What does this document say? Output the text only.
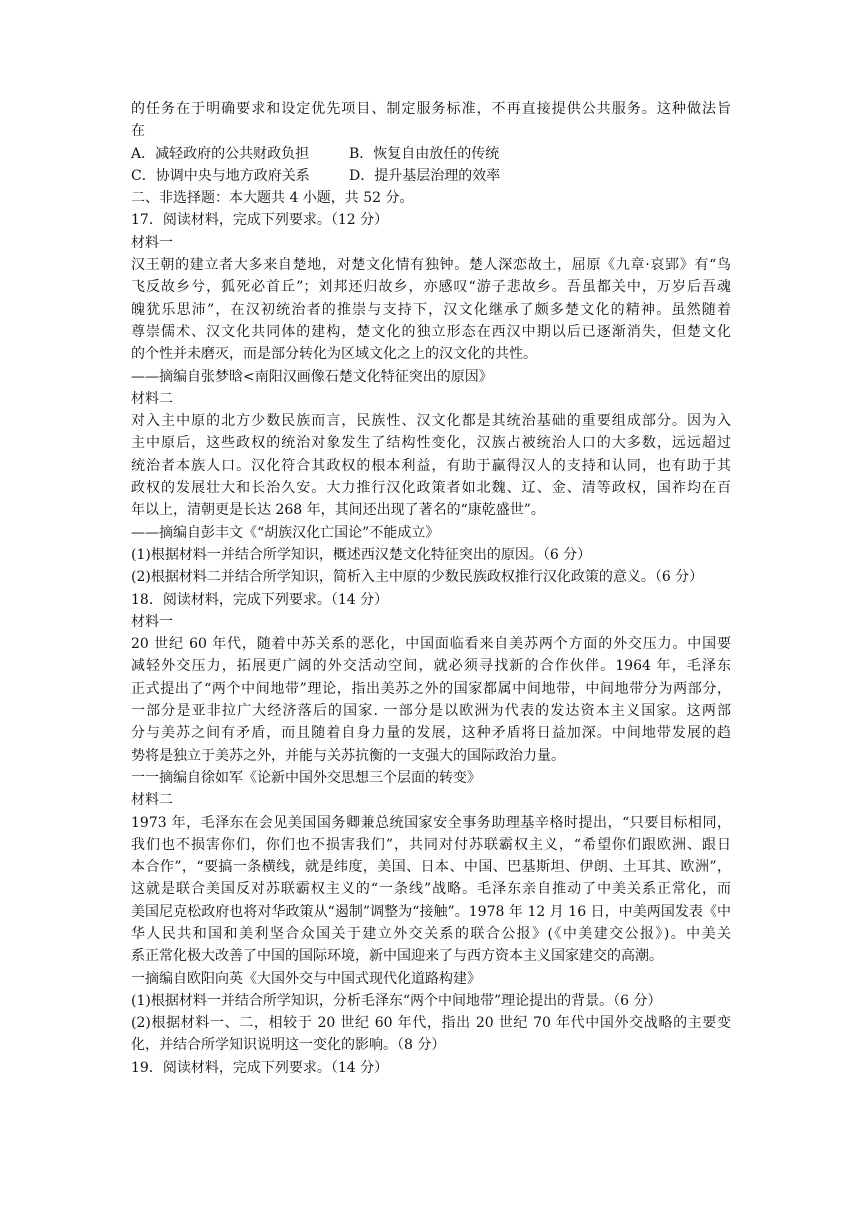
的任务在于明确要求和设定优先项目、制定服务标准，不再直接提供公共服务。这种做法旨
在
A．减轻政府的公共财政负担	B．恢复自由放任的传统
C．协调中央与地方政府关系	D．提升基层治理的效率
二、非选择题：本大题共 4 小题，共 52 分。
17．阅读材料，完成下列要求。（12 分）
材料一
汉王朝的建立者大多来自楚地，对楚文化情有独钟。楚人深恋故土，屈原《九章·哀郢》有“鸟
飞反故乡兮，狐死必首丘”；刘邦还归故乡，亦感叹“游子悲故乡。吾虽都关中，万岁后吾魂
魄犹乐思沛”，在汉初统治者的推崇与支持下，汉文化继承了颇多楚文化的精神。虽然随着
尊崇儒术、汉文化共同体的建构，楚文化的独立形态在西汉中期以后已逐渐消失，但楚文化
的个性并未磨灭，而是部分转化为区域文化之上的汉文化的共性。
——摘编自张梦晗<南阳汉画像石楚文化特征突出的原因》
材料二
对入主中原的北方少数民族而言，民族性、汉文化都是其统治基础的重要组成部分。因为入
主中原后，这些政权的统治对象发生了结构性变化，汉族占被统治人口的大多数，远远超过
统治者本族人口。汉化符合其政权的根本利益，有助于赢得汉人的支持和认同，也有助于其
政权的发展壮大和长治久安。大力推行汉化政策者如北魏、辽、金、清等政权，国祚均在百
年以上，清朝更是长达 268 年，其间还出现了著名的“康乾盛世”。
——摘编自彭丰文《“胡族汉化亡国论”不能成立》
(1)根据材料一并结合所学知识，概述西汉楚文化特征突出的原因。（6 分）
(2)根据材料二并结合所学知识，简析入主中原的少数民族政权推行汉化政策的意义。（6 分）
18．阅读材料，完成下列要求。（14 分）
材料一
20 世纪 60 年代，随着中苏关系的恶化，中国面临看来自美苏两个方面的外交压力。中国要
减轻外交压力，拓展更广阔的外交活动空间，就必须寻找新的合作伙伴。1964 年，毛泽东
正式提出了“两个中间地带”理论，指出美苏之外的国家都属中间地带，中间地带分为两部分，
一部分是亚非拉广大经济落后的国家. 一部分是以欧洲为代表的发达资本主义国家。这两部
分与美苏之间有矛盾，而且随着自身力量的发展，这种矛盾将日益加深。中间地带发展的趋
势将是独立于美苏之外，并能与关苏抗衡的一支强大的国际政治力量。
一一摘编自徐如军《论新中国外交思想三个层面的转变》
材料二
1973 年，毛泽东在会见美国国务卿兼总统国家安全事务助理基辛格时提出，“只要目标相同，
我们也不损害你们，你们也不损害我们”，共同对付苏联霸权主义，“希望你们跟欧洲、跟日
本合作”，“要搞一条横线，就是纬度，美国、日本、中国、巴基斯坦、伊朗、土耳其、欧洲”，
这就是联合美国反对苏联霸权主义的“一条线”战略。毛泽东亲自推动了中美关系正常化，而
美国尼克松政府也将对华政策从“遏制”调整为“接触”。1978 年 12 月 16 日，中美两国发表《中
华人民共和国和美利坚合众国关于建立外交关系的联合公报》(《中美建交公报》)。中美关
系正常化极大改善了中国的国际环境，新中国迎来了与西方资本主义国家建交的高潮。
一摘编自欧阳向英《大国外交与中国式现代化道路构建》
(1)根据材料一并结合所学知识，分析毛泽东“两个中间地带”理论提出的背景。（6 分）
(2)根据材料一、二，相较于 20 世纪 60 年代，指出 20 世纪 70 年代中国外交战略的主要变
化，并结合所学知识说明这一变化的影响。（8 分）
19．阅读材料，完成下列要求。（14 分）
